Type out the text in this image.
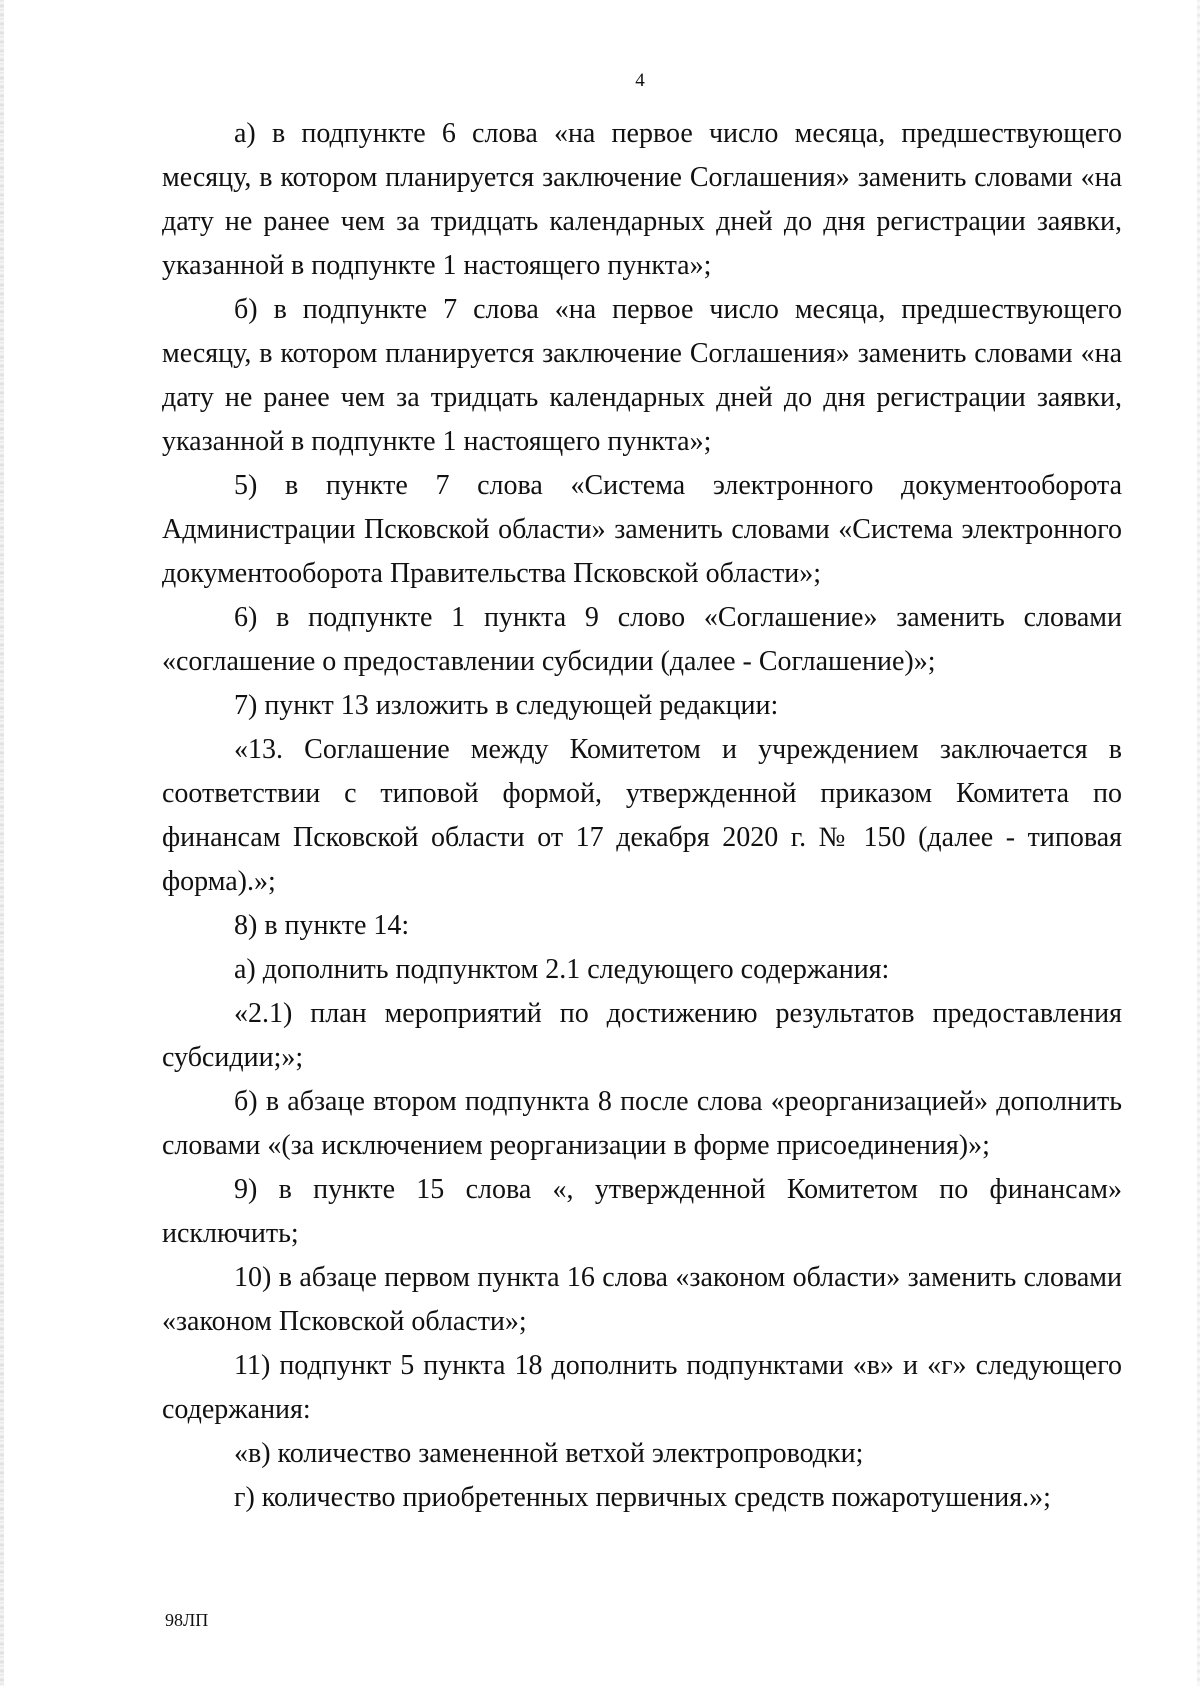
4

а) в подпункте 6 слова «на первое число месяца, предшествующего месяцу, в котором планируется заключение Соглашения» заменить словами «на дату не ранее чем за тридцать календарных дней до дня регистрации заявки, указанной в подпункте 1 настоящего пункта»;

б) в подпункте 7 слова «на первое число месяца, предшествующего месяцу, в котором планируется заключение Соглашения» заменить словами «на дату не ранее чем за тридцать календарных дней до дня регистрации заявки, указанной в подпункте 1 настоящего пункта»;

5) в пункте 7 слова «Система электронного документооборота Администрации Псковской области» заменить словами «Система электронного документооборота Правительства Псковской области»;

6) в подпункте 1 пункта 9 слово «Соглашение» заменить словами «соглашение о предоставлении субсидии (далее - Соглашение)»;

7) пункт 13 изложить в следующей редакции:

«13. Соглашение между Комитетом и учреждением заключается в соответствии с типовой формой, утвержденной приказом Комитета по финансам Псковской области от 17 декабря 2020 г. № 150 (далее - типовая форма).»;

8) в пункте 14:

а) дополнить подпунктом 2.1 следующего содержания:

«2.1) план мероприятий по достижению результатов предоставления субсидии;»;

б) в абзаце втором подпункта 8 после слова «реорганизацией» дополнить словами «(за исключением реорганизации в форме присоединения)»;

9) в пункте 15 слова «, утвержденной Комитетом по финансам» исключить;

10) в абзаце первом пункта 16 слова «законом области» заменить словами «законом Псковской области»;

11) подпункт 5 пункта 18 дополнить подпунктами «в» и «г» следующего содержания:

«в) количество замененной ветхой электропроводки;

г) количество приобретенных первичных средств пожаротушения.»;

98ЛП
